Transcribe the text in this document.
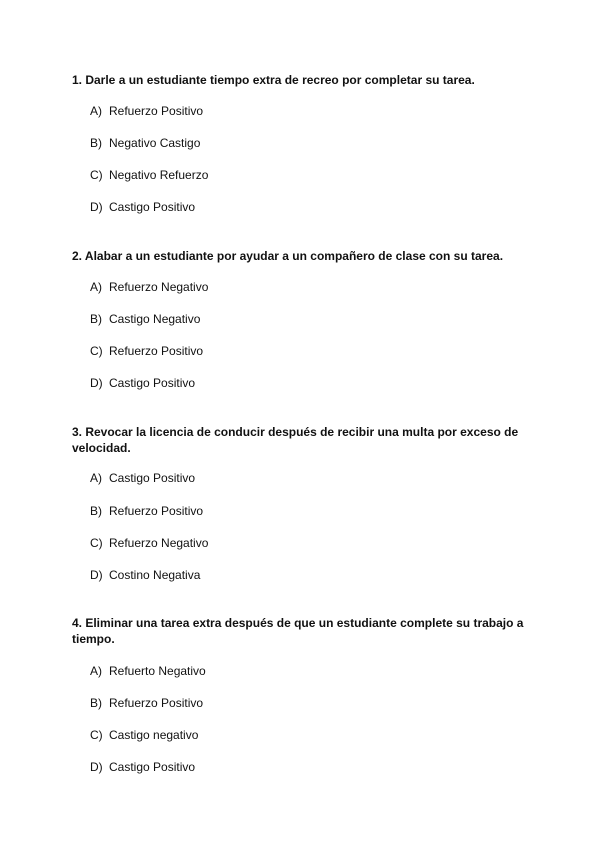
1. Darle a un estudiante tiempo extra de recreo por completar su tarea.

A) Refuerzo Positivo

B) Negativo Castigo

C) Negativo Refuerzo

D) Castigo Positivo

2. Alabar a un estudiante por ayudar a un compañero de clase con su tarea.

A) Refuerzo Negativo

B) Castigo Negativo

C) Refuerzo Positivo

D) Castigo Positivo

3. Revocar la licencia de conducir después de recibir una multa por exceso de velocidad.

A) Castigo Positivo

B) Refuerzo Positivo

C) Refuerzo Negativo

D) Costino Negativa

4. Eliminar una tarea extra después de que un estudiante complete su trabajo a tiempo.

A) Refuerto Negativo

B) Refuerzo Positivo

C) Castigo negativo

D) Castigo Positivo
